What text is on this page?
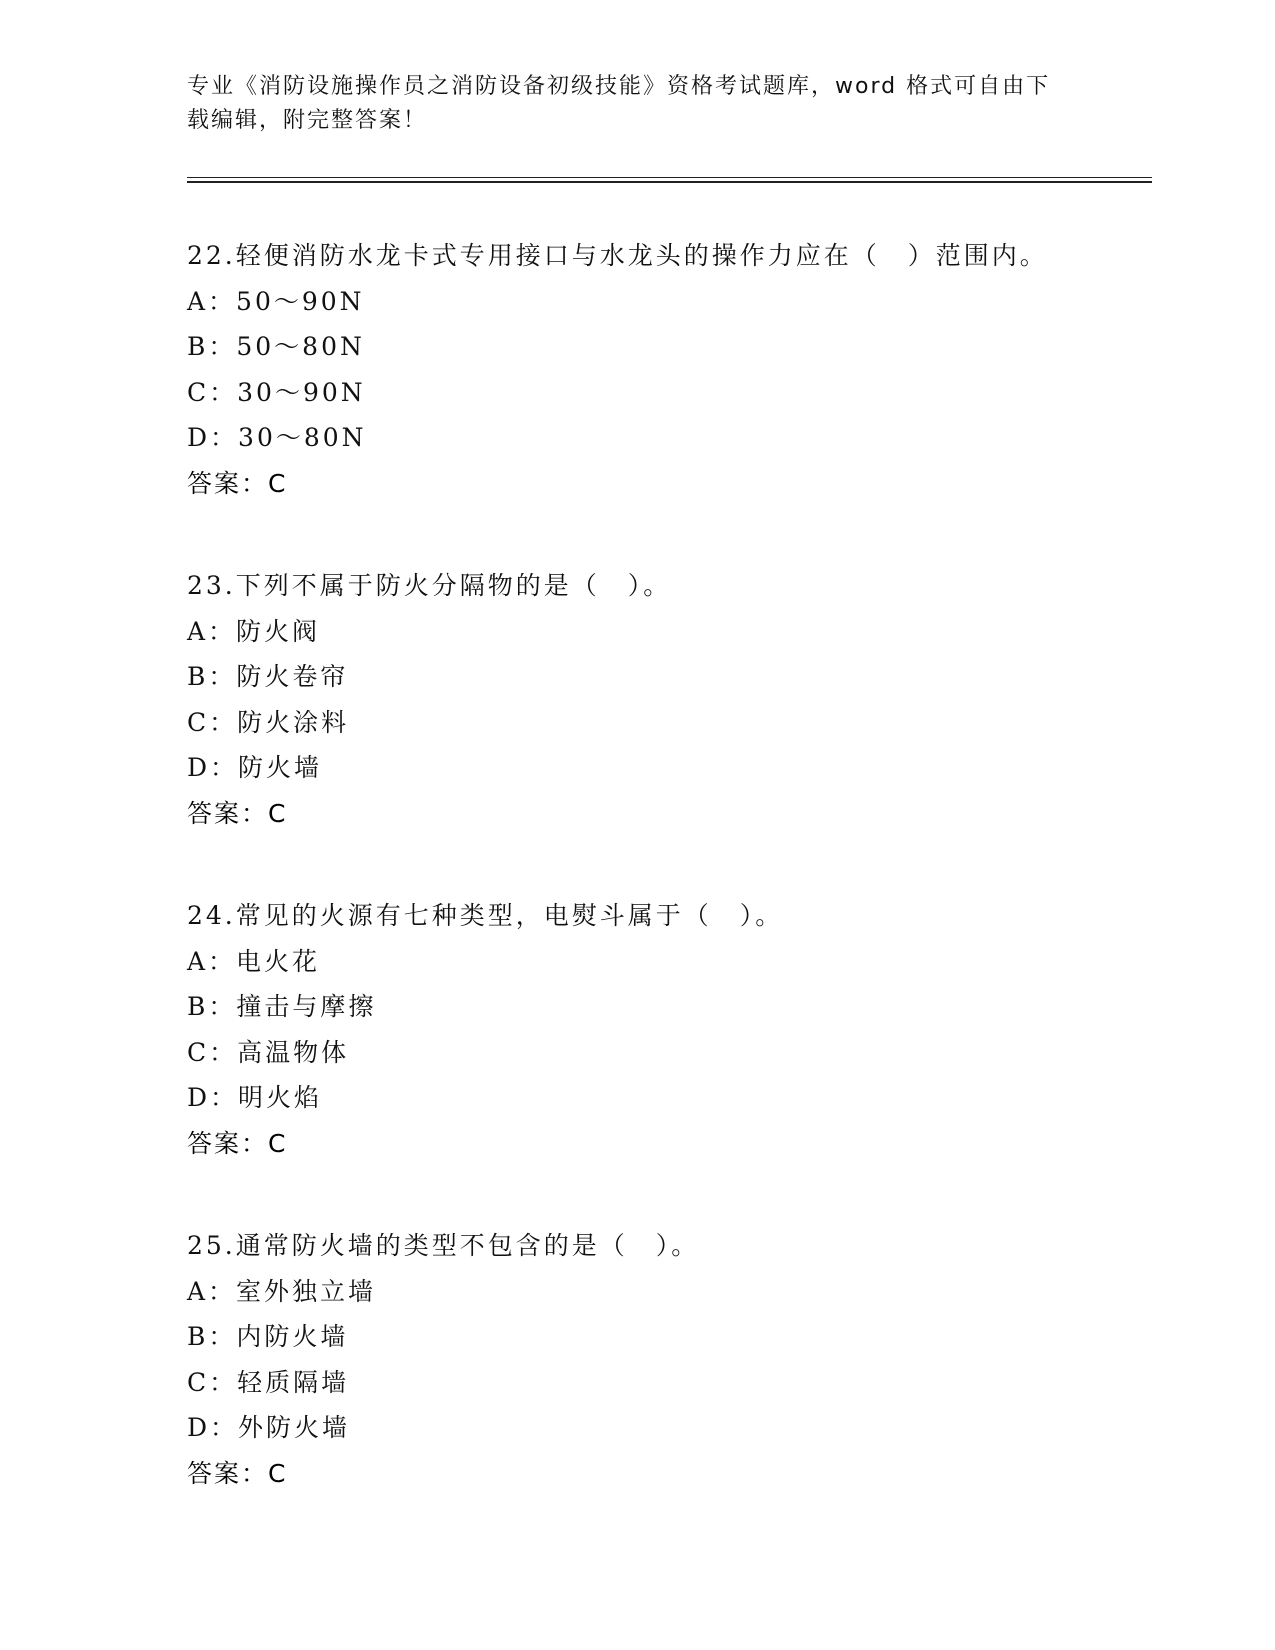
专业《消防设施操作员之消防设备初级技能》资格考试题库，word 格式可自由下载编辑，附完整答案！
22.轻便消防水龙卡式专用接口与水龙头的操作力应在（　）范围内。
A：50～90N
B：50～80N
C：30～90N
D：30～80N
答案：C
23.下列不属于防火分隔物的是（　）。
A：防火阀
B：防火卷帘
C：防火涂料
D：防火墙
答案：C
24.常见的火源有七种类型，电熨斗属于（　）。
A：电火花
B：撞击与摩擦
C：高温物体
D：明火焰
答案：C
25.通常防火墙的类型不包含的是（　）。
A：室外独立墙
B：内防火墙
C：轻质隔墙
D：外防火墙
答案：C
